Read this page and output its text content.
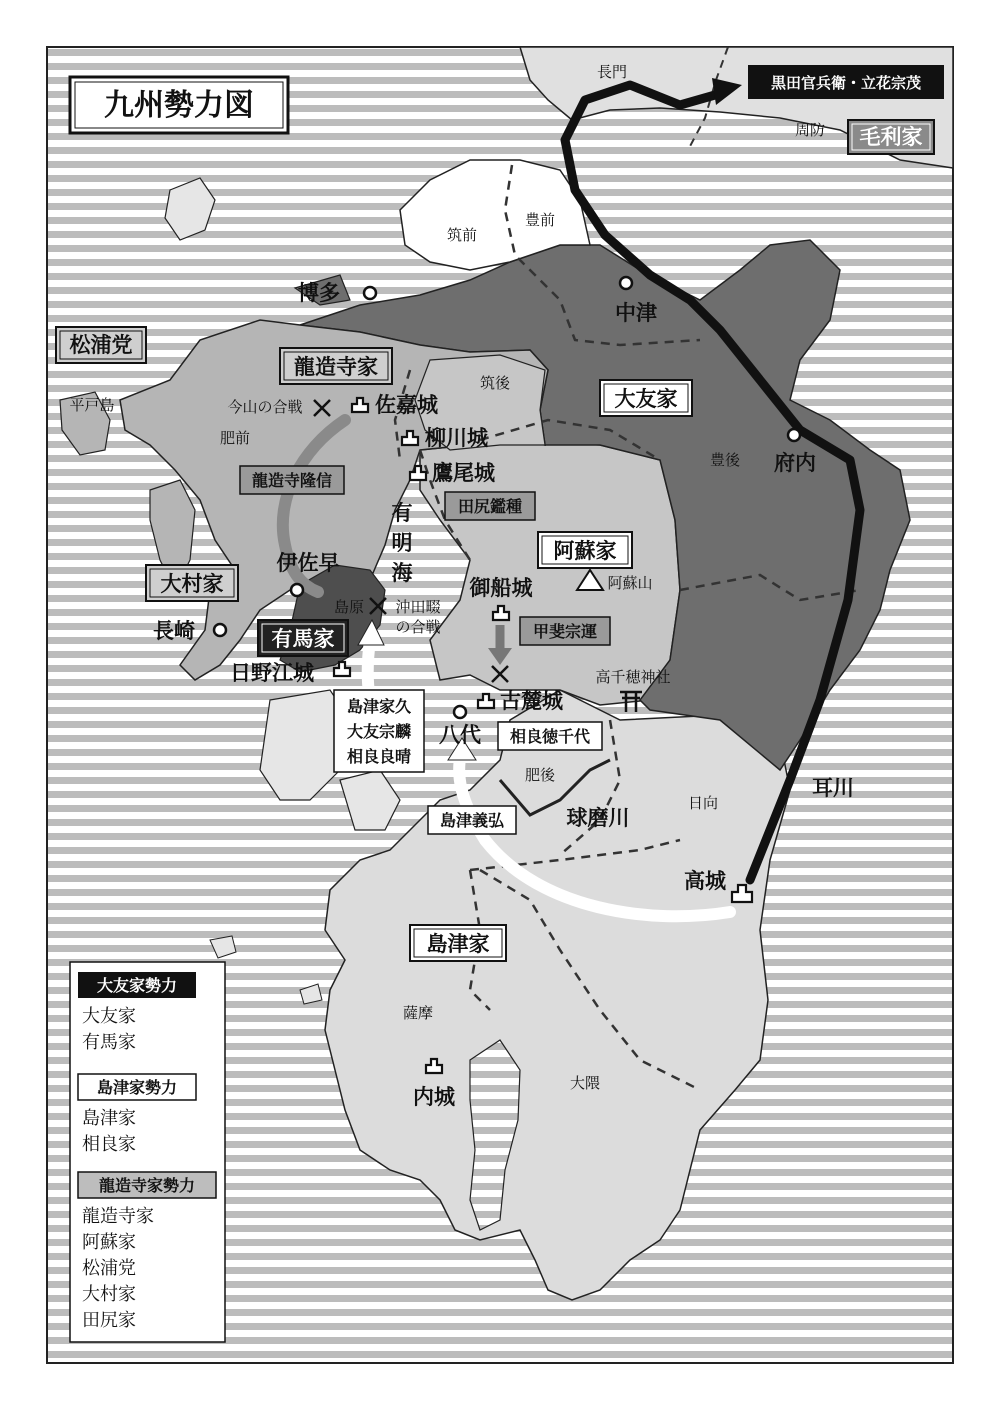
九州勢力図
長門
周防 毛利家
黒田官兵衛・立花宗茂
筑前
豊前
筑後
豊後
肥前
肥後
日向
薩摩
大隈
松浦党
龍造寺家
大友家
阿蘇家
大村家
有馬家
島津家
博多
中津
府内
平戸島	佐嘉城
柳川城
鷹尾城
伊佐早
長崎
島原
日野江城
御船城	阿蘇山
高千穂神社
古麓城
八代
球磨川
耳川
高城
内城
有
明
海
今山の合戦
沖田畷
の合戦
龍造寺隆信
田尻鑑種
甲斐宗運
相良徳千代
島津義弘
島津家久
大友宗麟
相良良晴
大友家勢力
大友家
有馬家
島津家勢力
島津家
相良家
龍造寺家勢力
龍造寺家
阿蘇家
松浦党
大村家
田尻家
